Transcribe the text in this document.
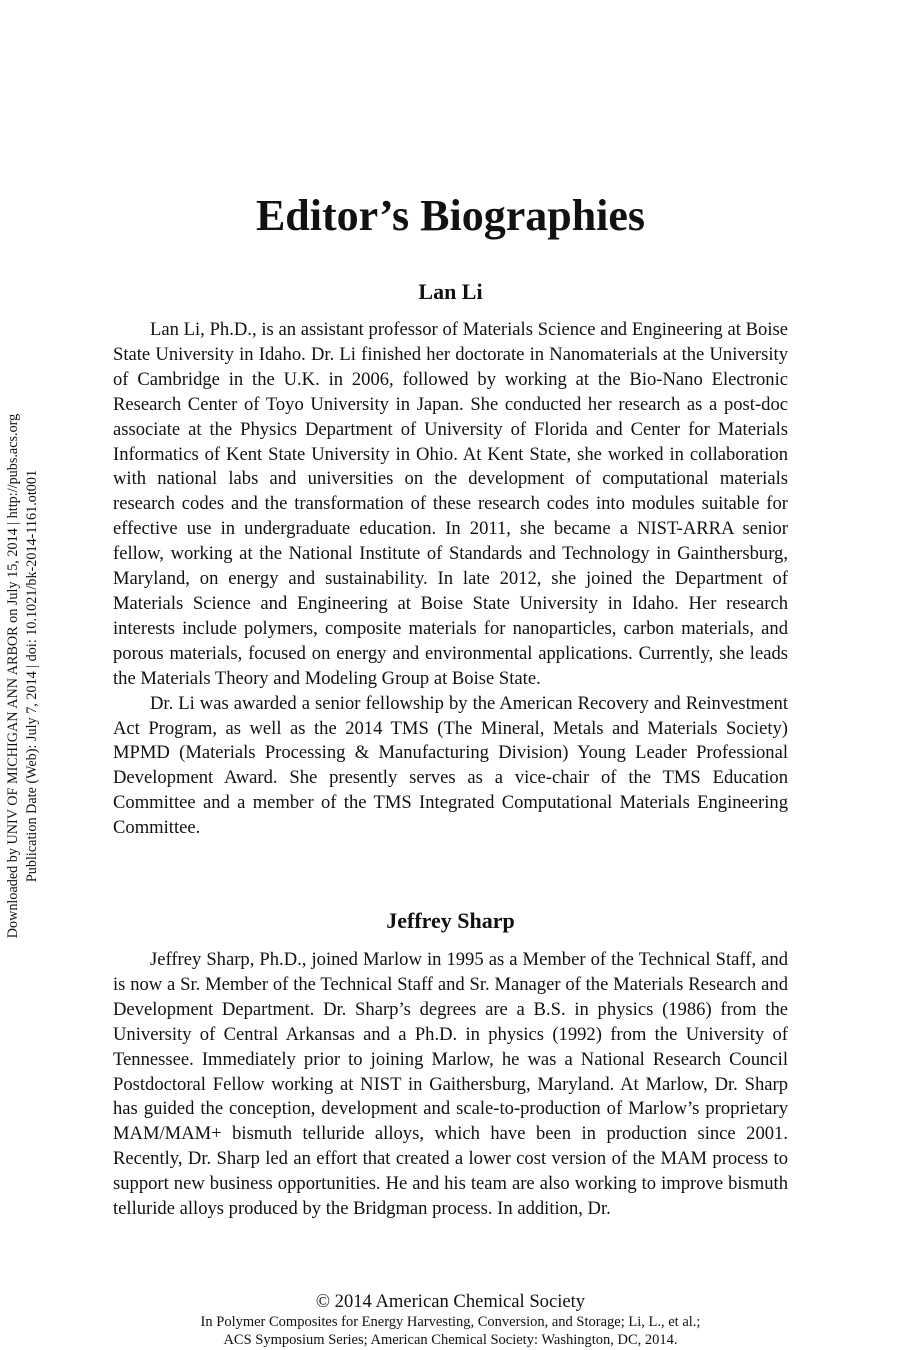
Downloaded by UNIV OF MICHIGAN ANN ARBOR on July 15, 2014 | http://pubs.acs.org Publication Date (Web): July 7, 2014 | doi: 10.1021/bk-2014-1161.ot001
Editor’s Biographies
Lan Li

Lan Li, Ph.D., is an assistant professor of Materials Science and Engineering at Boise State University in Idaho. Dr. Li finished her doctorate in Nanomaterials at the University of Cambridge in the U.K. in 2006, followed by working at the Bio-Nano Electronic Research Center of Toyo University in Japan. She conducted her research as a post-doc associate at the Physics Department of University of Florida and Center for Materials Informatics of Kent State University in Ohio. At Kent State, she worked in collaboration with national labs and universities on the development of computational materials research codes and the transformation of these research codes into modules suitable for effective use in undergraduate education. In 2011, she became a NIST-ARRA senior fellow, working at the National Institute of Standards and Technology in Gainthersburg, Maryland, on energy and sustainability. In late 2012, she joined the Department of Materials Science and Engineering at Boise State University in Idaho. Her research interests include polymers, composite materials for nanoparticles, carbon materials, and porous materials, focused on energy and environmental applications. Currently, she leads the Materials Theory and Modeling Group at Boise State.

Dr. Li was awarded a senior fellowship by the American Recovery and Reinvestment Act Program, as well as the 2014 TMS (The Mineral, Metals and Materials Society) MPMD (Materials Processing & Manufacturing Division) Young Leader Professional Development Award. She presently serves as a vice-chair of the TMS Education Committee and a member of the TMS Integrated Computational Materials Engineering Committee.

Jeffrey Sharp

Jeffrey Sharp, Ph.D., joined Marlow in 1995 as a Member of the Technical Staff, and is now a Sr. Member of the Technical Staff and Sr. Manager of the Materials Research and Development Department. Dr. Sharp’s degrees are a B.S. in physics (1986) from the University of Central Arkansas and a Ph.D. in physics (1992) from the University of Tennessee. Immediately prior to joining Marlow, he was a National Research Council Postdoctoral Fellow working at NIST in Gaithersburg, Maryland. At Marlow, Dr. Sharp has guided the conception, development and scale-to-production of Marlow’s proprietary MAM/MAM+ bismuth telluride alloys, which have been in production since 2001. Recently, Dr. Sharp led an effort that created a lower cost version of the MAM process to support new business opportunities. He and his team are also working to improve bismuth telluride alloys produced by the Bridgman process. In addition, Dr.

© 2014 American Chemical Society
In Polymer Composites for Energy Harvesting, Conversion, and Storage; Li, L., et al.;
ACS Symposium Series; American Chemical Society: Washington, DC, 2014.
